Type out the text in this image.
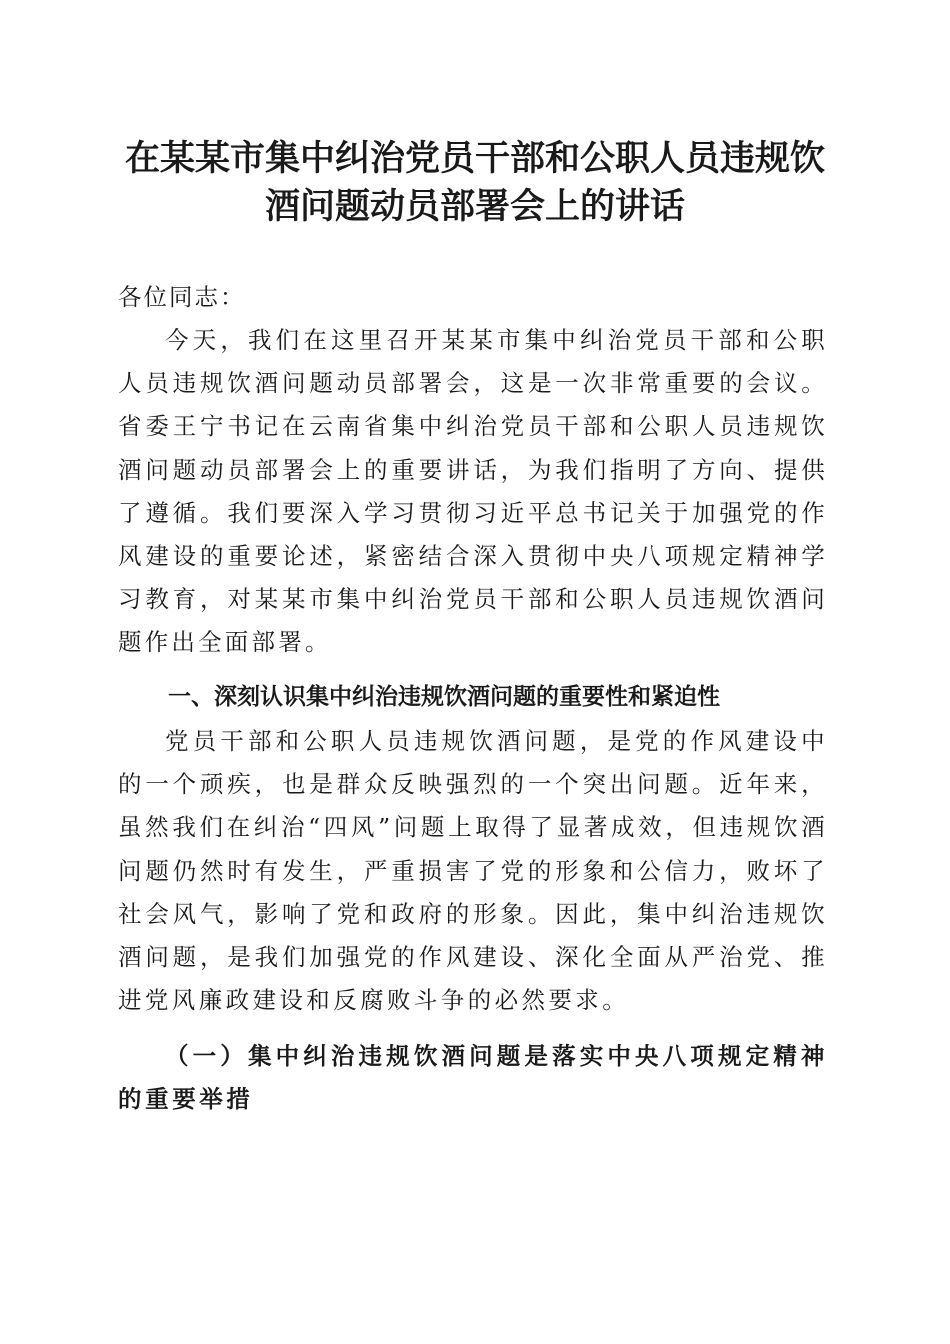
在某某市集中纠治党员干部和公职人员违规饮
酒问题动员部署会上的讲话

各位同志：

今天，我们在这里召开某某市集中纠治党员干部和公职人员违规饮酒问题动员部署会，这是一次非常重要的会议。省委王宁书记在云南省集中纠治党员干部和公职人员违规饮酒问题动员部署会上的重要讲话，为我们指明了方向、提供了遵循。我们要深入学习贯彻习近平总书记关于加强党的作风建设的重要论述，紧密结合深入贯彻中央八项规定精神学习教育，对某某市集中纠治党员干部和公职人员违规饮酒问题作出全面部署。

一、深刻认识集中纠治违规饮酒问题的重要性和紧迫性

党员干部和公职人员违规饮酒问题，是党的作风建设中的一个顽疾，也是群众反映强烈的一个突出问题。近年来，虽然我们在纠治“四风”问题上取得了显著成效，但违规饮酒问题仍然时有发生，严重损害了党的形象和公信力，败坏了社会风气，影响了党和政府的形象。因此，集中纠治违规饮酒问题，是我们加强党的作风建设、深化全面从严治党、推进党风廉政建设和反腐败斗争的必然要求。

（一）集中纠治违规饮酒问题是落实中央八项规定精神的重要举措
